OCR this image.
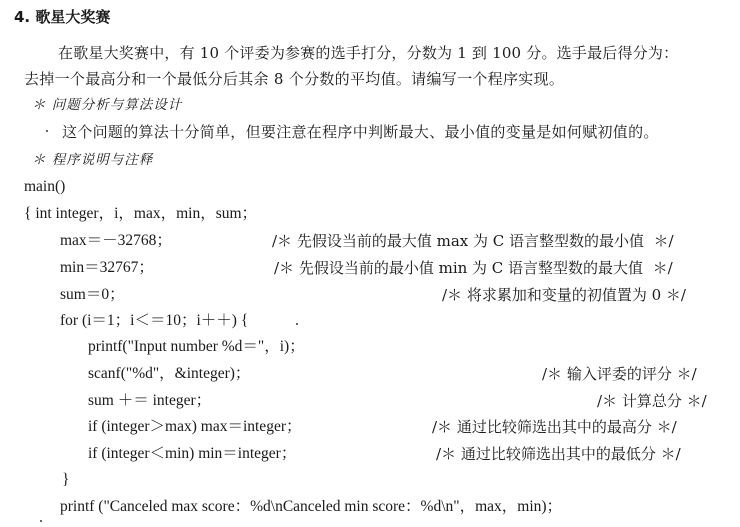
4. 歌星大奖赛
在歌星大奖赛中，有 10 个评委为参赛的选手打分，分数为 1 到 100 分。选手最后得分为：
去掉一个最高分和一个最低分后其余 8 个分数的平均值。请编写一个程序实现。
＊ 问题分析与算法设计
这个问题的算法十分简单，但要注意在程序中判断最大、最小值的变量是如何赋初值的。
＊ 程序说明与注释
main()
{ int integer，i，max，min，sum；
max＝－32768；	/＊ 先假设当前的最大值 max 为 C 语言整型数的最小值  ＊/
min＝32767；	/＊ 先假设当前的最小值 min 为 C 语言整型数的最大值  ＊/
sum＝0；	/＊ 将求累加和变量的初值置为 0 ＊/
for (i＝1；i＜＝10；i＋＋) {
printf("Input number %d＝"，i)；
scanf("%d"，&integer)；	/＊ 输入评委的评分 ＊/
sum ＋＝ integer；	/＊ 计算总分 ＊/
if (integer＞max) max＝integer；	/＊ 通过比较筛选出其中的最高分 ＊/
if (integer＜min) min＝integer；	/＊ 通过比较筛选出其中的最低分 ＊/
}
printf ("Canceled max score：%d\nCanceled min score：%d\n"，max，min)；
